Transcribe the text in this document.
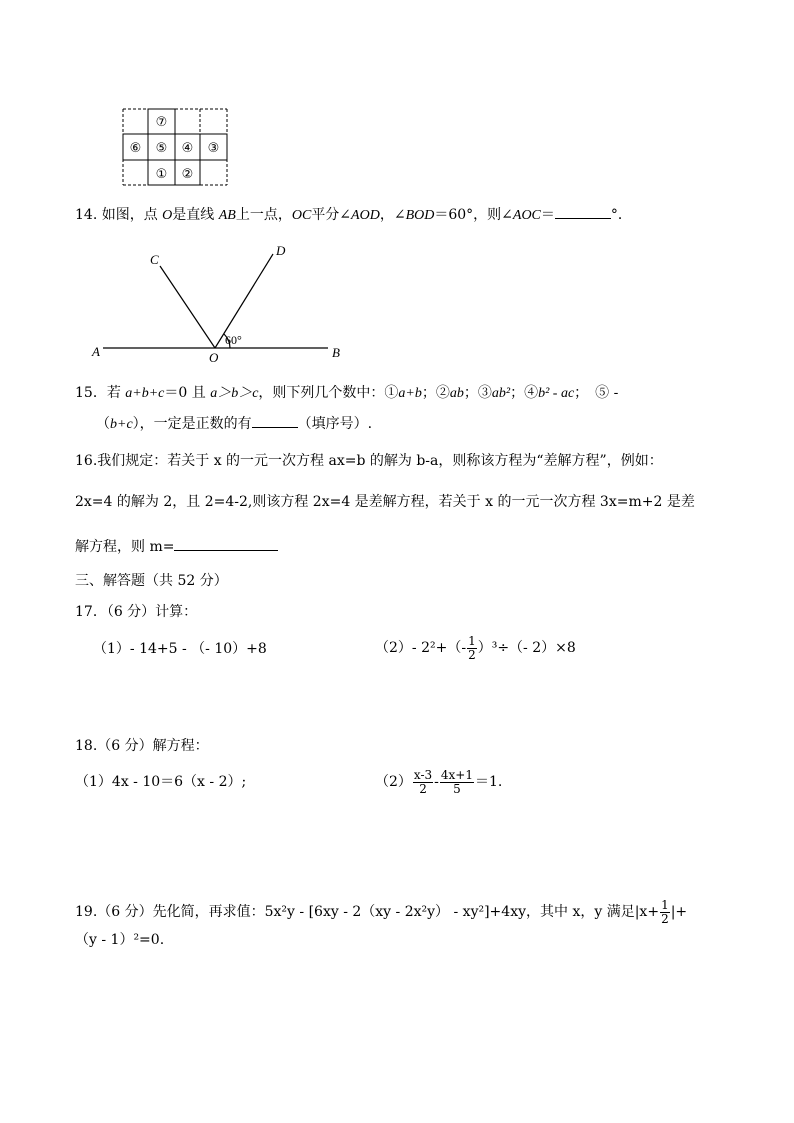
⑦
⑥ ⑤ ④ ③
① ②
14. 如图，点 O是直线 AB上一点，OC平分∠AOD，∠BOD＝60°，则∠AOC＝	°．
A	B
C
D
O
60°
15．若 a+b+c＝0 且 a＞b＞c，则下列几个数中：①a+b；②ab；③ab²；④b² - ac；　⑤ -
（b+c），一定是正数的有	（填序号）.
16.我们规定：若关于 x 的一元一次方程 ax=b 的解为 b-a，则称该方程为“差解方程”，例如：
2x=4 的解为 2，且 2=4-2,则该方程 2x=4 是差解方程，若关于 x 的一元一次方程 3x=m+2 是差
解方程，则 m=
三、解答题（共 52 分）
17．（6 分）计算：
（1）- 14+5 - （- 10）+8	（2）- $2^2+(- \frac{1}{2} )^3\div(-$ 2）×8
18.（6 分）解方程：
（1）4x - 10＝6（x - 2）;	$(2) \frac{x-3}{2} - \frac{4x+1}{5} =1$.
19.（6 分）先化简，再求值：5x²y - [6xy - 2（xy - 2x²y） - xy²]+4xy，其中 x，y 满足$|x+ \frac{1}{2}$ |+
（y - 1）²=0.
